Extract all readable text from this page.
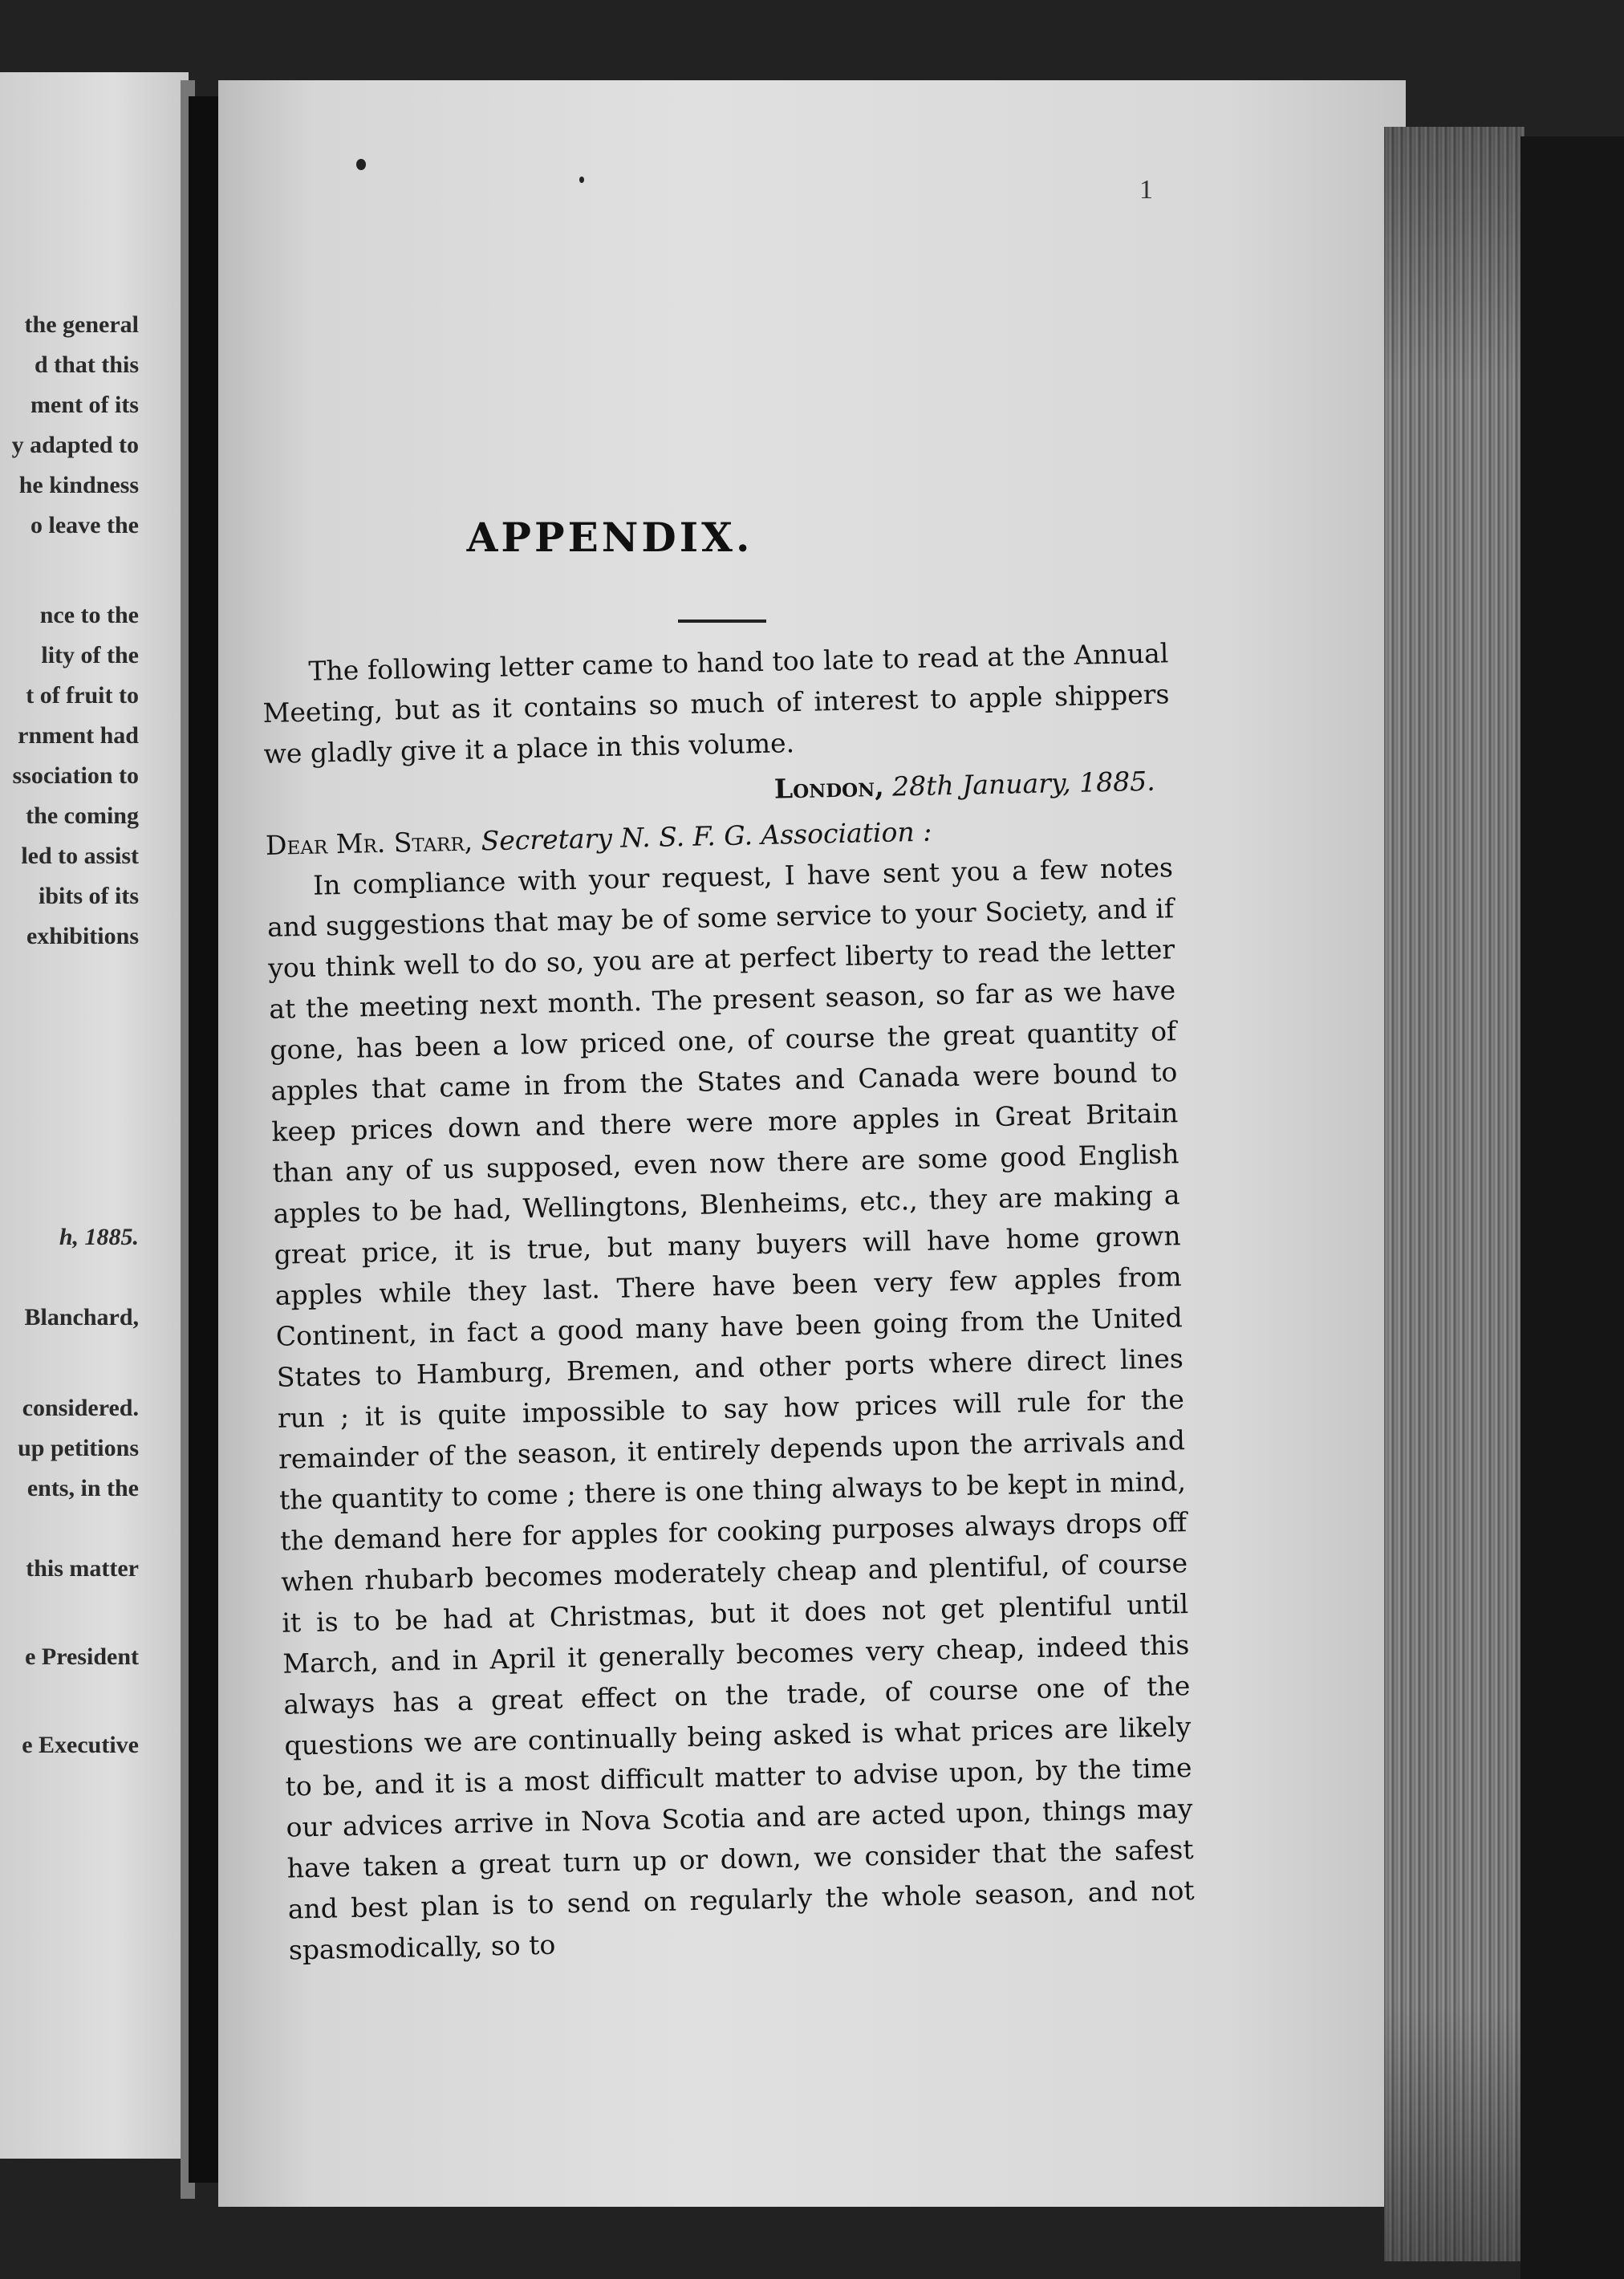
the general
d that this
ment of its
y adapted to
he kindness
o leave the
nce to the
lity of the
t of fruit to
rnment had
ssociation to
the coming
led to assist
ibits of its
exhibitions
h, 1885.
Blanchard,
considered.
up petitions
ents, in the
this matter
e President
e Executive
1
APPENDIX.

The following letter came to hand too late to read at the Annual Meeting, but as it contains so much of interest to apple shippers we gladly give it a place in this volume.

London, 28th January, 1885.

Dear Mr. Starr, Secretary N. S. F. G. Association :

In compliance with your request, I have sent you a few notes and suggestions that may be of some service to your Society, and if you think well to do so, you are at perfect liberty to read the letter at the meeting next month. The present season, so far as we have gone, has been a low priced one, of course the great quantity of apples that came in from the States and Canada were bound to keep prices down and there were more apples in Great Britain than any of us supposed, even now there are some good English apples to be had, Wellingtons, Blenheims, etc., they are making a great price, it is true, but many buyers will have home grown apples while they last. There have been very few apples from Continent, in fact a good many have been going from the United States to Hamburg, Bremen, and other ports where direct lines run ; it is quite impossible to say how prices will rule for the remainder of the season, it entirely depends upon the arrivals and the quantity to come ; there is one thing always to be kept in mind, the demand here for apples for cooking purposes always drops off when rhubarb becomes moderately cheap and plentiful, of course it is to be had at Christmas, but it does not get plentiful until March, and in April it generally becomes very cheap, indeed this always has a great effect on the trade, of course one of the questions we are continually being asked is what prices are likely to be, and it is a most difficult matter to advise upon, by the time our advices arrive in Nova Scotia and are acted upon, things may have taken a great turn up or down, we consider that the safest and best plan is to send on regularly the whole season, and not spasmodically, so to
